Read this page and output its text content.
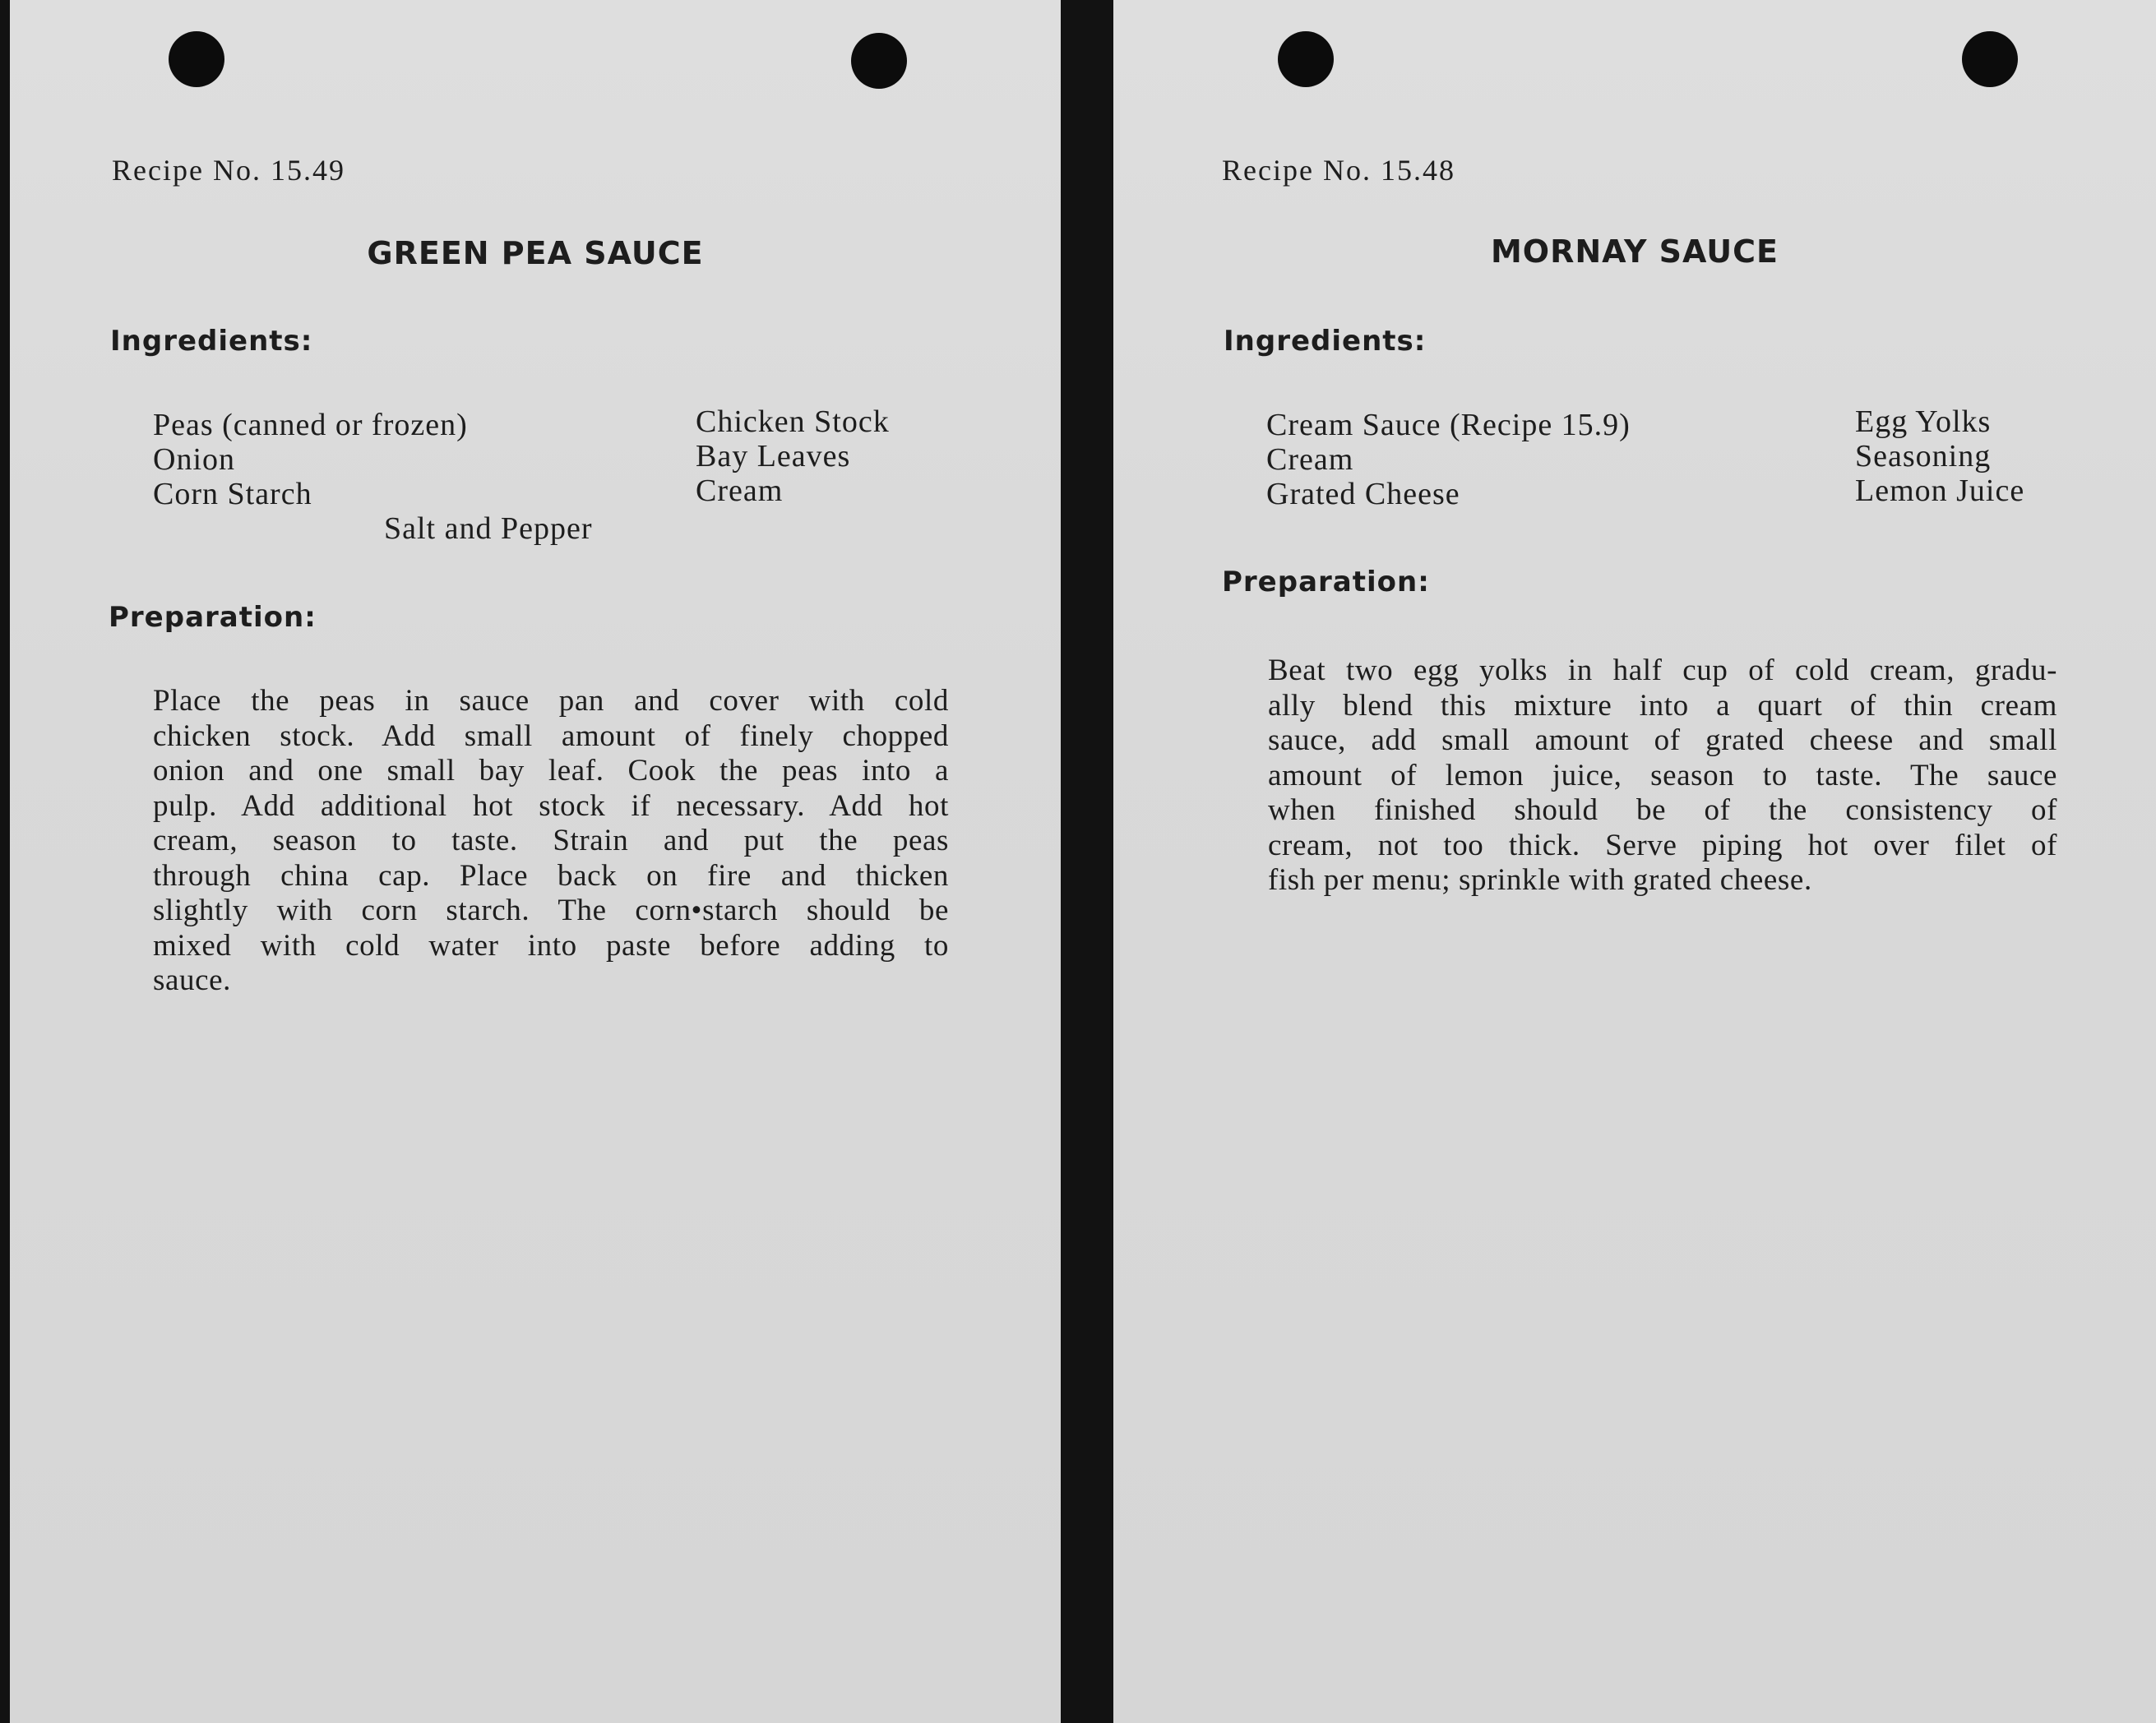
Recipe No. 15.49
GREEN PEA SAUCE
Ingredients:
Peas (canned or frozen)
Onion
Corn Starch
Chicken Stock
Bay Leaves
Cream
Salt and Pepper
Preparation:
Place the peas in sauce pan and cover with cold
chicken stock. Add small amount of finely chopped
onion and one small bay leaf. Cook the peas into a
pulp. Add additional hot stock if necessary. Add hot
cream, season to taste. Strain and put the peas
through china cap. Place back on fire and thicken
slightly with corn starch. The corn•starch should be
mixed with cold water into paste before adding to
sauce.
Recipe No. 15.48
MORNAY SAUCE
Ingredients:
Cream Sauce (Recipe 15.9)
Cream
Grated Cheese
Egg Yolks
Seasoning
Lemon Juice
Preparation:
Beat two egg yolks in half cup of cold cream, gradu-
ally blend this mixture into a quart of thin cream
sauce, add small amount of grated cheese and small
amount of lemon juice, season to taste. The sauce
when finished should be of the consistency of
cream, not too thick. Serve piping hot over filet of
fish per menu; sprinkle with grated cheese.
